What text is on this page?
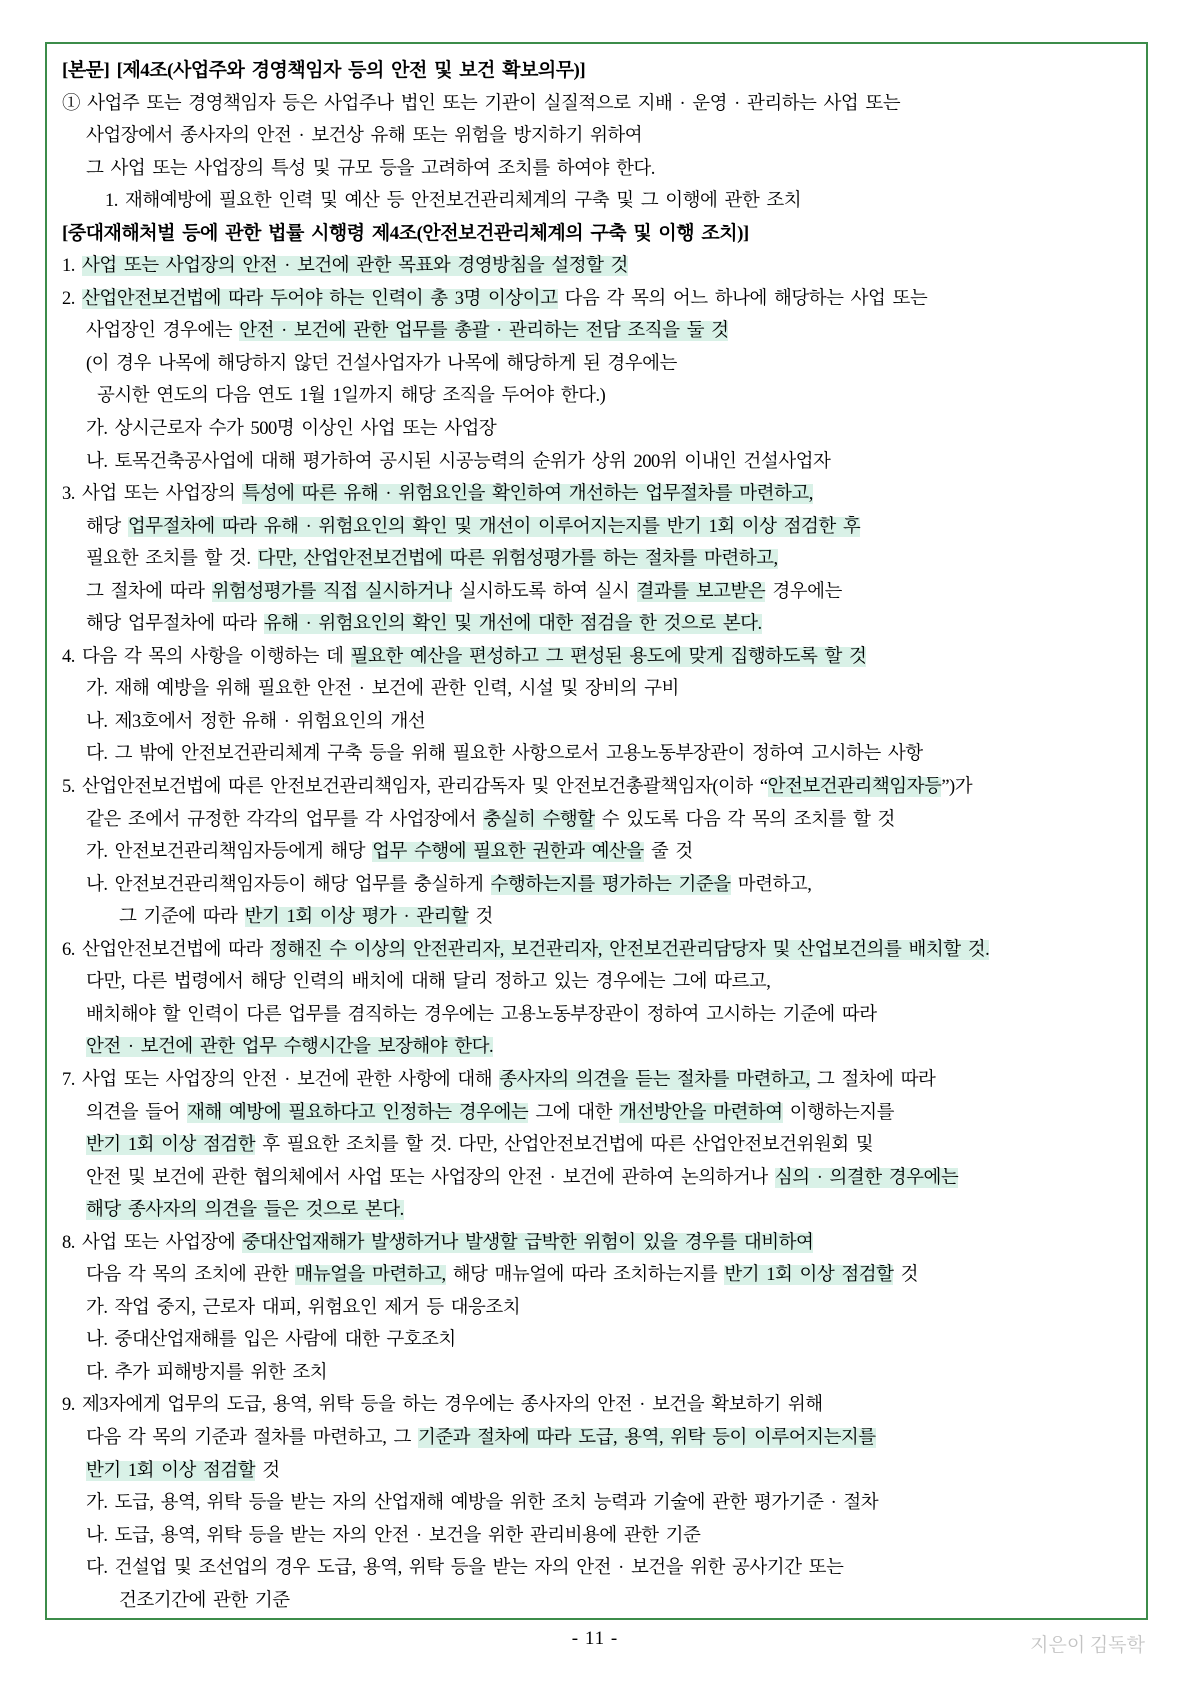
[본문] [제4조(사업주와 경영책임자 등의 안전 및 보건 확보의무)]
① 사업주 또는 경영책임자 등은 사업주나 법인 또는 기관이 실질적으로 지배 · 운영 · 관리하는 사업 또는
사업장에서 종사자의 안전 · 보건상 유해 또는 위험을 방지하기 위하여
그 사업 또는 사업장의 특성 및 규모 등을 고려하여 조치를 하여야 한다.
1. 재해예방에 필요한 인력 및 예산 등 안전보건관리체계의 구축 및 그 이행에 관한 조치
[중대재해처벌 등에 관한 법률 시행령 제4조(안전보건관리체계의 구축 및 이행 조치)]
1. 사업 또는 사업장의 안전 · 보건에 관한 목표와 경영방침을 설정할 것
2. 산업안전보건법에 따라 두어야 하는 인력이 총 3명 이상이고 다음 각 목의 어느 하나에 해당하는 사업 또는
사업장인 경우에는 안전 · 보건에 관한 업무를 총괄 · 관리하는 전담 조직을 둘 것
(이 경우 나목에 해당하지 않던 건설사업자가 나목에 해당하게 된 경우에는
공시한 연도의 다음 연도 1월 1일까지 해당 조직을 두어야 한다.)
가. 상시근로자 수가 500명 이상인 사업 또는 사업장
나. 토목건축공사업에 대해 평가하여 공시된 시공능력의 순위가 상위 200위 이내인 건설사업자
3. 사업 또는 사업장의 특성에 따른 유해 · 위험요인을 확인하여 개선하는 업무절차를 마련하고,
해당 업무절차에 따라 유해 · 위험요인의 확인 및 개선이 이루어지는지를 반기 1회 이상 점검한 후
필요한 조치를 할 것. 다만, 산업안전보건법에 따른 위험성평가를 하는 절차를 마련하고,
그 절차에 따라 위험성평가를 직접 실시하거나 실시하도록 하여 실시 결과를 보고받은 경우에는
해당 업무절차에 따라 유해 · 위험요인의 확인 및 개선에 대한 점검을 한 것으로 본다.
4. 다음 각 목의 사항을 이행하는 데 필요한 예산을 편성하고 그 편성된 용도에 맞게 집행하도록 할 것
가. 재해 예방을 위해 필요한 안전 · 보건에 관한 인력, 시설 및 장비의 구비
나. 제3호에서 정한 유해 · 위험요인의 개선
다. 그 밖에 안전보건관리체계 구축 등을 위해 필요한 사항으로서 고용노동부장관이 정하여 고시하는 사항
5. 산업안전보건법에 따른 안전보건관리책임자, 관리감독자 및 안전보건총괄책임자(이하 “안전보건관리책임자등”)가
같은 조에서 규정한 각각의 업무를 각 사업장에서 충실히 수행할 수 있도록 다음 각 목의 조치를 할 것
가. 안전보건관리책임자등에게 해당 업무 수행에 필요한 권한과 예산을 줄 것
나. 안전보건관리책임자등이 해당 업무를 충실하게 수행하는지를 평가하는 기준을 마련하고,
그 기준에 따라 반기 1회 이상 평가 · 관리할 것
6. 산업안전보건법에 따라 정해진 수 이상의 안전관리자, 보건관리자, 안전보건관리담당자 및 산업보건의를 배치할 것.
다만, 다른 법령에서 해당 인력의 배치에 대해 달리 정하고 있는 경우에는 그에 따르고,
배치해야 할 인력이 다른 업무를 겸직하는 경우에는 고용노동부장관이 정하여 고시하는 기준에 따라
안전 · 보건에 관한 업무 수행시간을 보장해야 한다.
7. 사업 또는 사업장의 안전 · 보건에 관한 사항에 대해 종사자의 의견을 듣는 절차를 마련하고, 그 절차에 따라
의견을 들어 재해 예방에 필요하다고 인정하는 경우에는 그에 대한 개선방안을 마련하여 이행하는지를
반기 1회 이상 점검한 후 필요한 조치를 할 것. 다만, 산업안전보건법에 따른 산업안전보건위원회 및
안전 및 보건에 관한 협의체에서 사업 또는 사업장의 안전 · 보건에 관하여 논의하거나 심의 · 의결한 경우에는
해당 종사자의 의견을 들은 것으로 본다.
8. 사업 또는 사업장에 중대산업재해가 발생하거나 발생할 급박한 위험이 있을 경우를 대비하여
다음 각 목의 조치에 관한 매뉴얼을 마련하고, 해당 매뉴얼에 따라 조치하는지를 반기 1회 이상 점검할 것
가. 작업 중지, 근로자 대피, 위험요인 제거 등 대응조치
나. 중대산업재해를 입은 사람에 대한 구호조치
다. 추가 피해방지를 위한 조치
9. 제3자에게 업무의 도급, 용역, 위탁 등을 하는 경우에는 종사자의 안전 · 보건을 확보하기 위해
다음 각 목의 기준과 절차를 마련하고, 그 기준과 절차에 따라 도급, 용역, 위탁 등이 이루어지는지를
반기 1회 이상 점검할 것
가. 도급, 용역, 위탁 등을 받는 자의 산업재해 예방을 위한 조치 능력과 기술에 관한 평가기준 · 절차
나. 도급, 용역, 위탁 등을 받는 자의 안전 · 보건을 위한 관리비용에 관한 기준
다. 건설업 및 조선업의 경우 도급, 용역, 위탁 등을 받는 자의 안전 · 보건을 위한 공사기간 또는
건조기간에 관한 기준
- 11 -	지은이 김독학
